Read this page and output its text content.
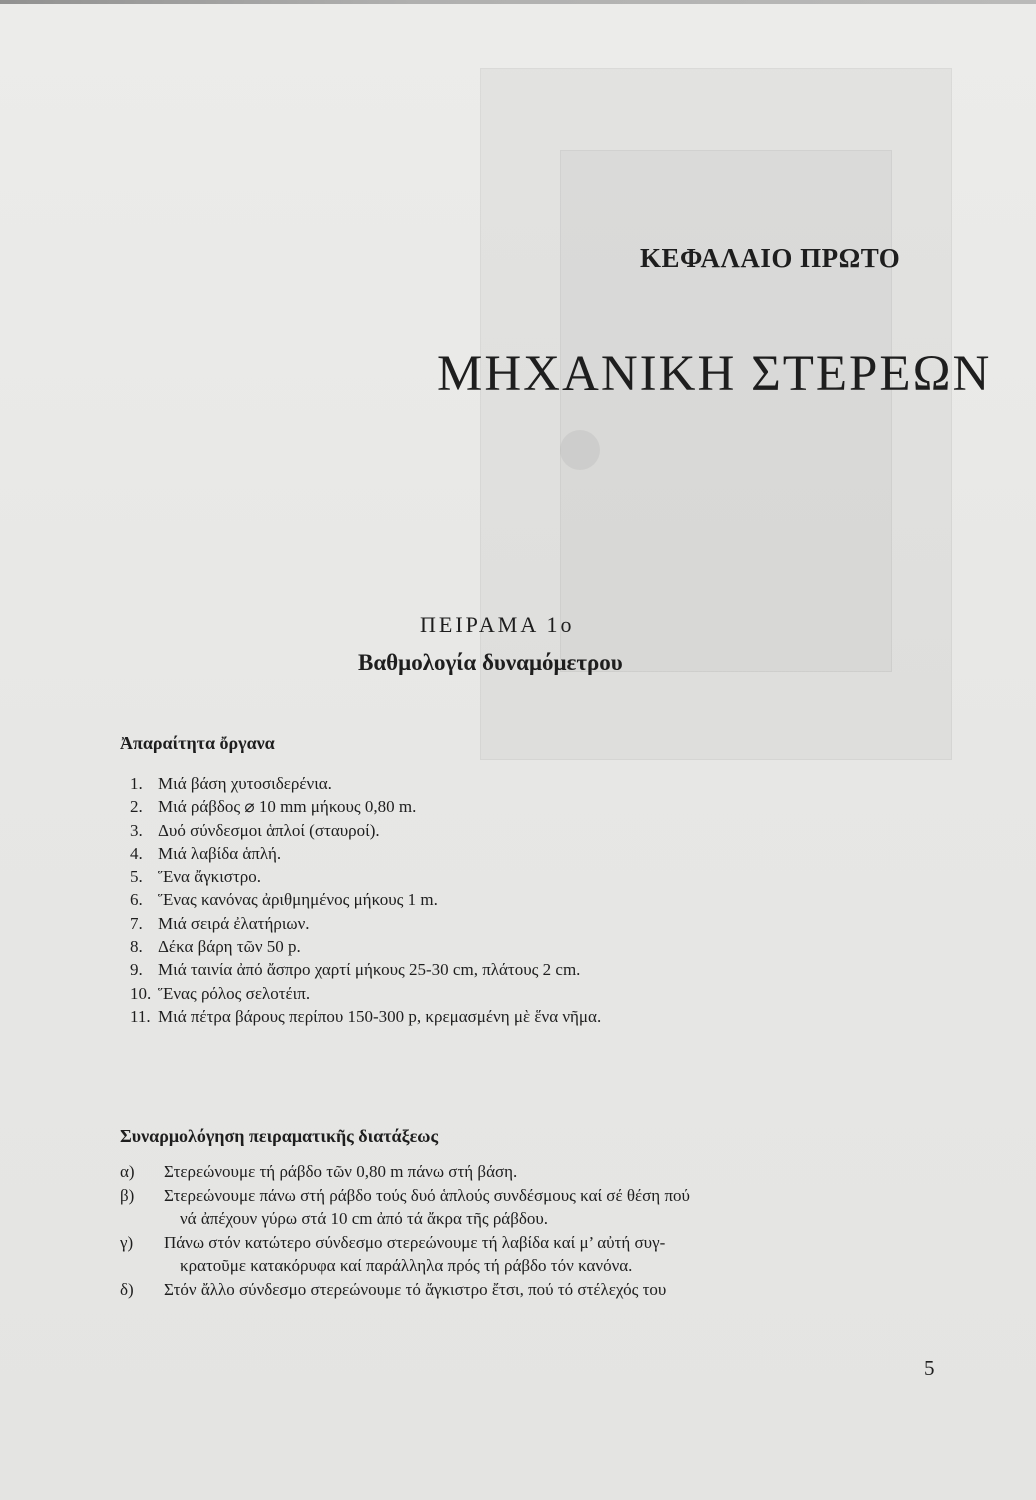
ΚΕΦΑΛΑΙΟ ΠΡΩΤΟ
ΜΗΧΑΝΙΚΗ ΣΤΕΡΕΩΝ
ΠΕΙΡΑΜΑ 1ο
Βαθμολογία δυναμόμετρου
Ἀπαραίτητα ὄργανα
1. Μιά βάση χυτοσιδερένια.
2. Μιά ράβδος ⌀ 10 mm μήκους 0,80 m.
3. Δυό σύνδεσμοι ἁπλοί (σταυροί).
4. Μιά λαβίδα ἁπλή.
5. Ἕνα ἄγκιστρο.
6. Ἕνας κανόνας ἀριθμημένος μήκους 1 m.
7. Μιά σειρά ἐλατήριων.
8. Δέκα βάρη τῶν 50 p.
9. Μιά ταινία ἀπό ἄσπρο χαρτί μήκους 25-30 cm, πλάτους 2 cm.
10. Ἕνας ρόλος σελοτέιπ.
11. Μιά πέτρα βάρους περίπου 150-300 p, κρεμασμένη μὲ ἕνα νῆμα.
Συναρμολόγηση πειραματικῆς διατάξεως
α)	Στερεώνουμε τή ράβδο τῶν 0,80 m πάνω στή βάση.
β)	Στερεώνουμε πάνω στή ράβδο τούς δυό ἁπλούς συνδέσμους καί σέ θέση πού
νά ἀπέχουν γύρω στά 10 cm ἀπό τά ἄκρα τῆς ράβδου.
γ)	Πάνω στόν κατώτερο σύνδεσμο στερεώνουμε τή λαβίδα καί μ’ αὐτή συγ-
κρατοῦμε κατακόρυφα καί παράλληλα πρός τή ράβδο τόν κανόνα.
δ)	Στόν ἄλλο σύνδεσμο στερεώνουμε τό ἄγκιστρο ἔτσι, πού τό στέλεχός του
5
